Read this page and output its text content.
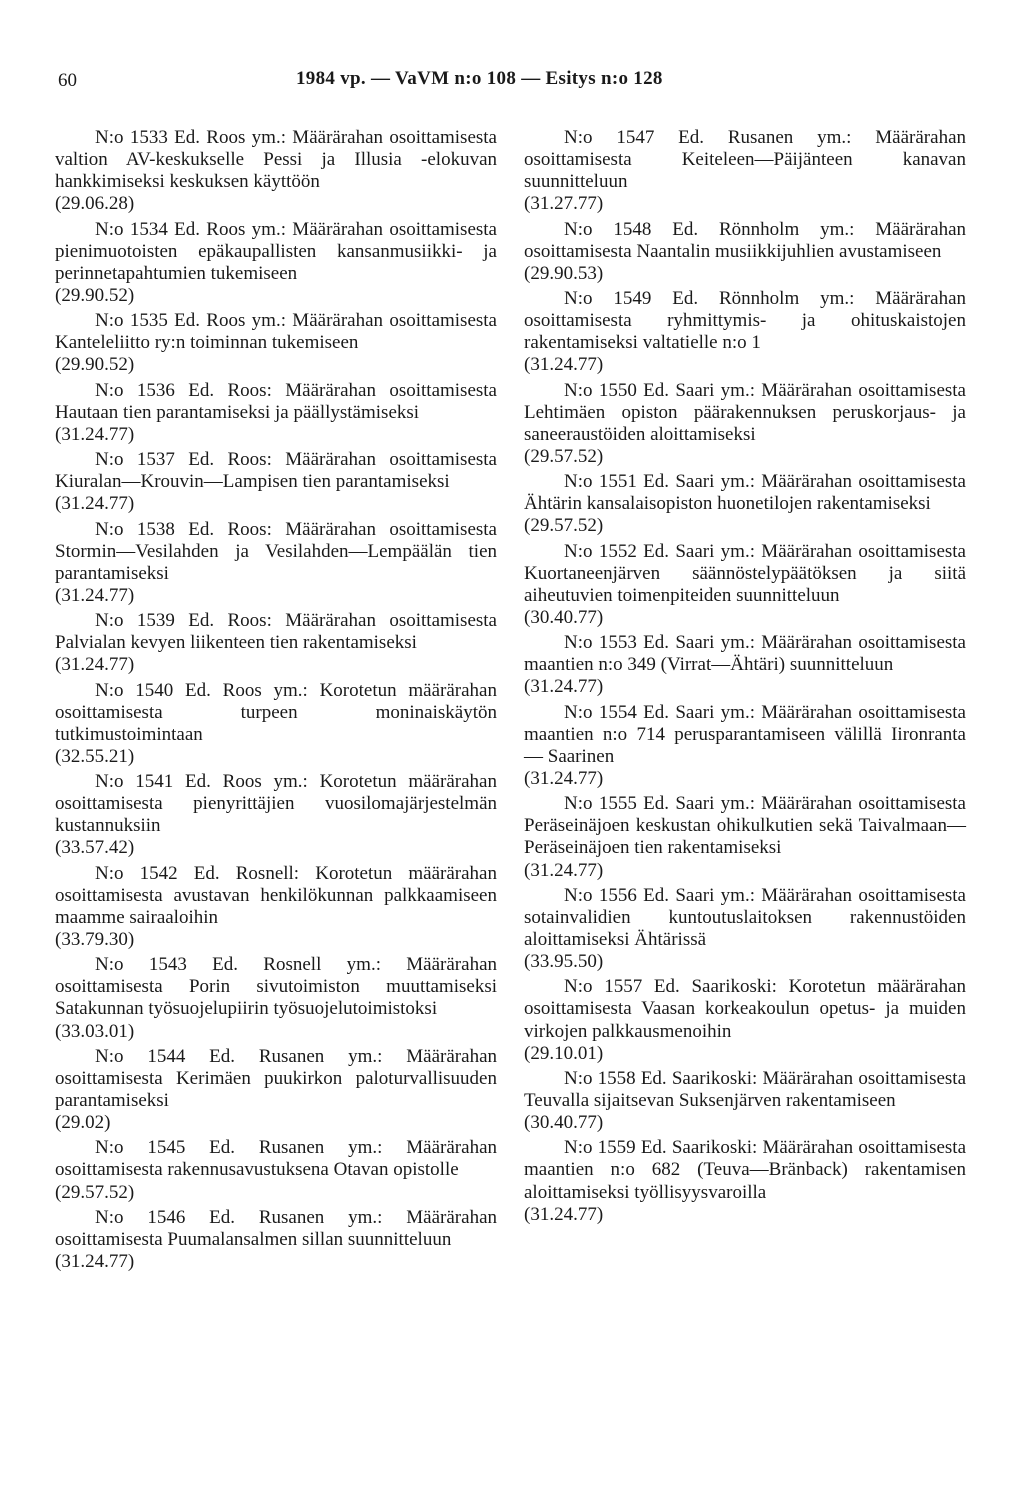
60	1984 vp. — VaVM n:o 108 — Esitys n:o 128
N:o 1533 Ed. Roos ym.: Määrärahan osoittamisesta valtion AV-keskukselle Pessi ja Illusia -elokuvan hankkimiseksi keskuksen käyttöön
(29.06.28)
N:o 1534 Ed. Roos ym.: Määrärahan osoittamisesta pienimuotoisten epäkaupallisten kansanmusiikki- ja perinnetapahtumien tukemiseen
(29.90.52)
N:o 1535 Ed. Roos ym.: Määrärahan osoittamisesta Kanteleliitto ry:n toiminnan tukemiseen
(29.90.52)
N:o 1536 Ed. Roos: Määrärahan osoittamisesta Hautaan tien parantamiseksi ja päällystämiseksi
(31.24.77)
N:o 1537 Ed. Roos: Määrärahan osoittamisesta Kiuralan—Krouvin—Lampisen tien parantamiseksi
(31.24.77)
N:o 1538 Ed. Roos: Määrärahan osoittamisesta Stormin—Vesilahden ja Vesilahden—Lempäälän tien parantamiseksi
(31.24.77)
N:o 1539 Ed. Roos: Määrärahan osoittamisesta Palvialan kevyen liikenteen tien rakentamiseksi
(31.24.77)
N:o 1540 Ed. Roos ym.: Korotetun määrärahan osoittamisesta turpeen moninaiskäytön tutkimustoimintaan
(32.55.21)
N:o 1541 Ed. Roos ym.: Korotetun määrärahan osoittamisesta pienyrittäjien vuosilomajärjestelmän kustannuksiin
(33.57.42)
N:o 1542 Ed. Rosnell: Korotetun määrärahan osoittamisesta avustavan henkilökunnan palkkaamiseen maamme sairaaloihin
(33.79.30)
N:o 1543 Ed. Rosnell ym.: Määrärahan osoittamisesta Porin sivutoimiston muuttamiseksi Satakunnan työsuojelupiirin työsuojelutoimistoksi
(33.03.01)
N:o 1544 Ed. Rusanen ym.: Määrärahan osoittamisesta Kerimäen puukirkon paloturvallisuuden parantamiseksi
(29.02)
N:o 1545 Ed. Rusanen ym.: Määrärahan osoittamisesta rakennusavustuksena Otavan opistolle
(29.57.52)
N:o 1546 Ed. Rusanen ym.: Määrärahan osoittamisesta Puumalansalmen sillan suunnitteluun
(31.24.77)
N:o 1547 Ed. Rusanen ym.: Määrärahan osoittamisesta Keiteleen—Päijänteen kanavan suunnitteluun
(31.27.77)
N:o 1548 Ed. Rönnholm ym.: Määrärahan osoittamisesta Naantalin musiikkijuhlien avustamiseen
(29.90.53)
N:o 1549 Ed. Rönnholm ym.: Määrärahan osoittamisesta ryhmittymis- ja ohituskaistojen rakentamiseksi valtatielle n:o 1
(31.24.77)
N:o 1550 Ed. Saari ym.: Määrärahan osoittamisesta Lehtimäen opiston päärakennuksen peruskorjaus- ja saneeraustöiden aloittamiseksi
(29.57.52)
N:o 1551 Ed. Saari ym.: Määrärahan osoittamisesta Ähtärin kansalaisopiston huonetilojen rakentamiseksi
(29.57.52)
N:o 1552 Ed. Saari ym.: Määrärahan osoittamisesta Kuortaneenjärven säännöstelypäätöksen ja siitä aiheutuvien toimenpiteiden suunnitteluun
(30.40.77)
N:o 1553 Ed. Saari ym.: Määrärahan osoittamisesta maantien n:o 349 (Virrat—Ähtäri) suunnitteluun
(31.24.77)
N:o 1554 Ed. Saari ym.: Määrärahan osoittamisesta maantien n:o 714 perusparantamiseen välillä Iironranta — Saarinen
(31.24.77)
N:o 1555 Ed. Saari ym.: Määrärahan osoittamisesta Peräseinäjoen keskustan ohikulkutien sekä Taivalmaan—Peräseinäjoen tien rakentamiseksi
(31.24.77)
N:o 1556 Ed. Saari ym.: Määrärahan osoittamisesta sotainvalidien kuntoutuslaitoksen rakennustöiden aloittamiseksi Ähtärissä
(33.95.50)
N:o 1557 Ed. Saarikoski: Korotetun määrärahan osoittamisesta Vaasan korkeakoulun opetus- ja muiden virkojen palkkausmenoihin
(29.10.01)
N:o 1558 Ed. Saarikoski: Määrärahan osoittamisesta Teuvalla sijaitsevan Suksenjärven rakentamiseen
(30.40.77)
N:o 1559 Ed. Saarikoski: Määrärahan osoittamisesta maantien n:o 682 (Teuva—Bränback) rakentamisen aloittamiseksi työllisyysvaroilla
(31.24.77)
